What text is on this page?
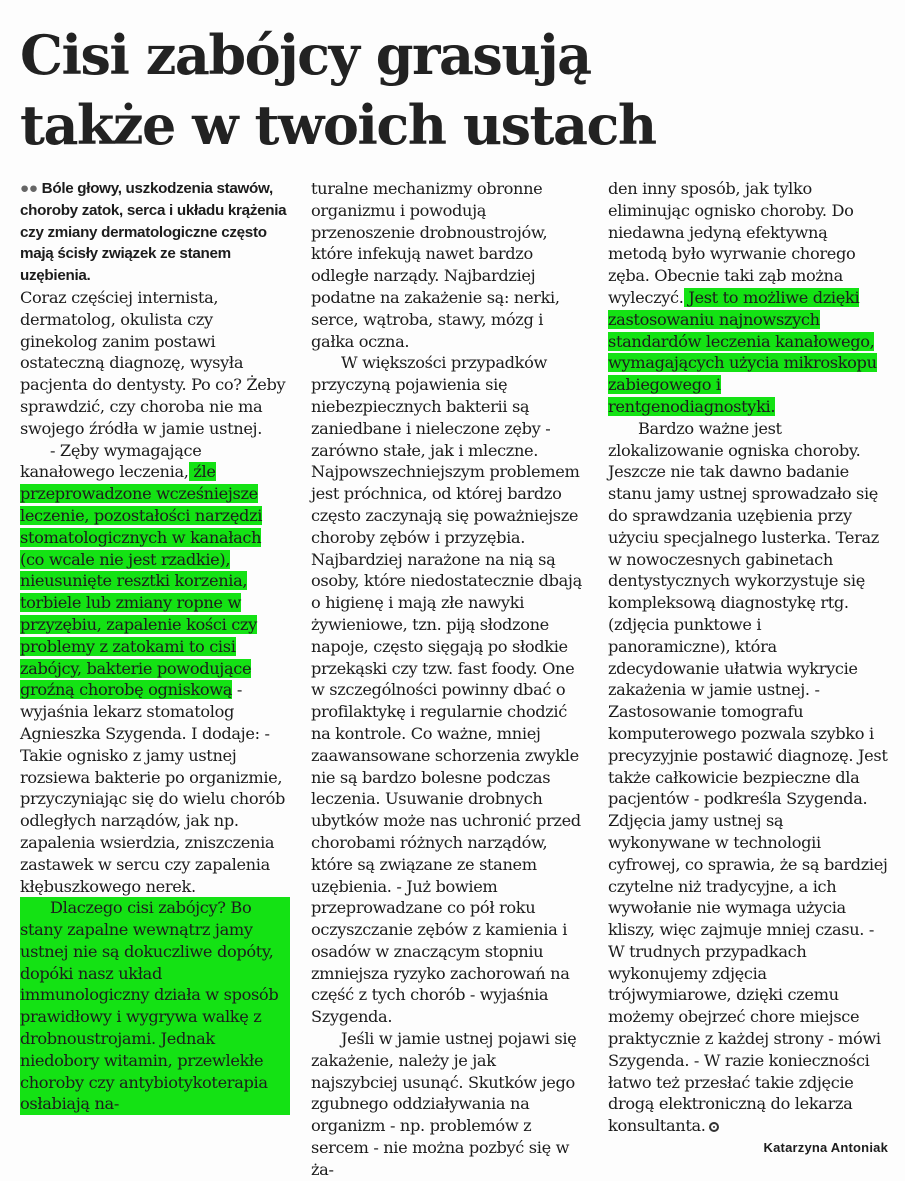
Cisi zabójcy grasują
także w twoich ustach

●● Bóle głowy, uszkodzenia stawów, choroby zatok, serca i układu krążenia czy zmiany dermatologiczne często mają ścisły związek ze stanem uzębienia.

Coraz częściej internista, dermatolog, okulista czy ginekolog zanim postawi ostateczną diagnozę, wysyła pacjenta do dentysty. Po co? Żeby sprawdzić, czy choroba nie ma swojego źródła w jamie ustnej.

- Zęby wymagające kanałowego leczenia, źle przeprowadzone wcześniejsze leczenie, pozostałości narzędzi stomatologicznych w kanałach (co wcale nie jest rzadkie), nieusunięte resztki korzenia, torbiele lub zmiany ropne w przyzębiu, zapalenie kości czy problemy z zatokami to cisi zabójcy, bakterie powodujące groźną chorobę ogniskową - wyjaśnia lekarz stomatolog Agnieszka Szygenda. I dodaje: - Takie ognisko z jamy ustnej rozsiewa bakterie po organizmie, przyczyniając się do wielu chorób odległych narządów, jak np. zapalenia wsierdzia, zniszczenia zastawek w sercu czy zapalenia kłębuszkowego nerek.

Dlaczego cisi zabójcy? Bo stany zapalne wewnątrz jamy ustnej nie są dokuczliwe dopóty, dopóki nasz układ immunologiczny działa w sposób prawidłowy i wygrywa walkę z drobnoustrojami. Jednak niedobory witamin, przewlekłe choroby czy antybiotykoterapia osłabiają na-

turalne mechanizmy obronne organizmu i powodują przenoszenie drobnoustrojów, które infekują nawet bardzo odległe narządy. Najbardziej podatne na zakażenie są: nerki, serce, wątroba, stawy, mózg i gałka oczna.

W większości przypadków przyczyną pojawienia się niebezpiecznych bakterii są zaniedbane i nieleczone zęby - zarówno stałe, jak i mleczne. Najpowszechniejszym problemem jest próchnica, od której bardzo często zaczynają się poważniejsze choroby zębów i przyzębia. Najbardziej narażone na nią są osoby, które niedostatecznie dbają o higienę i mają złe nawyki żywieniowe, tzn. piją słodzone napoje, często sięgają po słodkie przekąski czy tzw. fast foody. One w szczególności powinny dbać o profilaktykę i regularnie chodzić na kontrole. Co ważne, mniej zaawansowane schorzenia zwykle nie są bardzo bolesne podczas leczenia. Usuwanie drobnych ubytków może nas uchronić przed chorobami różnych narządów, które są związane ze stanem uzębienia. - Już bowiem przeprowadzane co pół roku oczyszczanie zębów z kamienia i osadów w znaczącym stopniu zmniejsza ryzyko zachorowań na część z tych chorób - wyjaśnia Szygenda.

Jeśli w jamie ustnej pojawi się zakażenie, należy je jak najszybciej usunąć. Skutków jego zgubnego oddziaływania na organizm - np. problemów z sercem - nie można pozbyć się w ża-

den inny sposób, jak tylko eliminując ognisko choroby. Do niedawna jedyną efektywną metodą było wyrwanie chorego zęba. Obecnie taki ząb można wyleczyć. Jest to możliwe dzięki zastosowaniu najnowszych standardów leczenia kanałowego, wymagających użycia mikroskopu zabiegowego i rentgenodiagnostyki.

Bardzo ważne jest zlokalizowanie ogniska choroby. Jeszcze nie tak dawno badanie stanu jamy ustnej sprowadzało się do sprawdzania uzębienia przy użyciu specjalnego lusterka. Teraz w nowoczesnych gabinetach dentystycznych wykorzystuje się kompleksową diagnostykę rtg. (zdjęcia punktowe i panoramiczne), która zdecydowanie ułatwia wykrycie zakażenia w jamie ustnej. - Zastosowanie tomografu komputerowego pozwala szybko i precyzyjnie postawić diagnozę. Jest także całkowicie bezpieczne dla pacjentów - podkreśla Szygenda. Zdjęcia jamy ustnej są wykonywane w technologii cyfrowej, co sprawia, że są bardziej czytelne niż tradycyjne, a ich wywołanie nie wymaga użycia kliszy, więc zajmuje mniej czasu. - W trudnych przypadkach wykonujemy zdjęcia trójwymiarowe, dzięki czemu możemy obejrzeć chore miejsce praktycznie z każdej strony - mówi Szygenda. - W razie konieczności łatwo też przesłać takie zdjęcie drogą elektroniczną do lekarza konsultanta.

Katarzyna Antoniak
